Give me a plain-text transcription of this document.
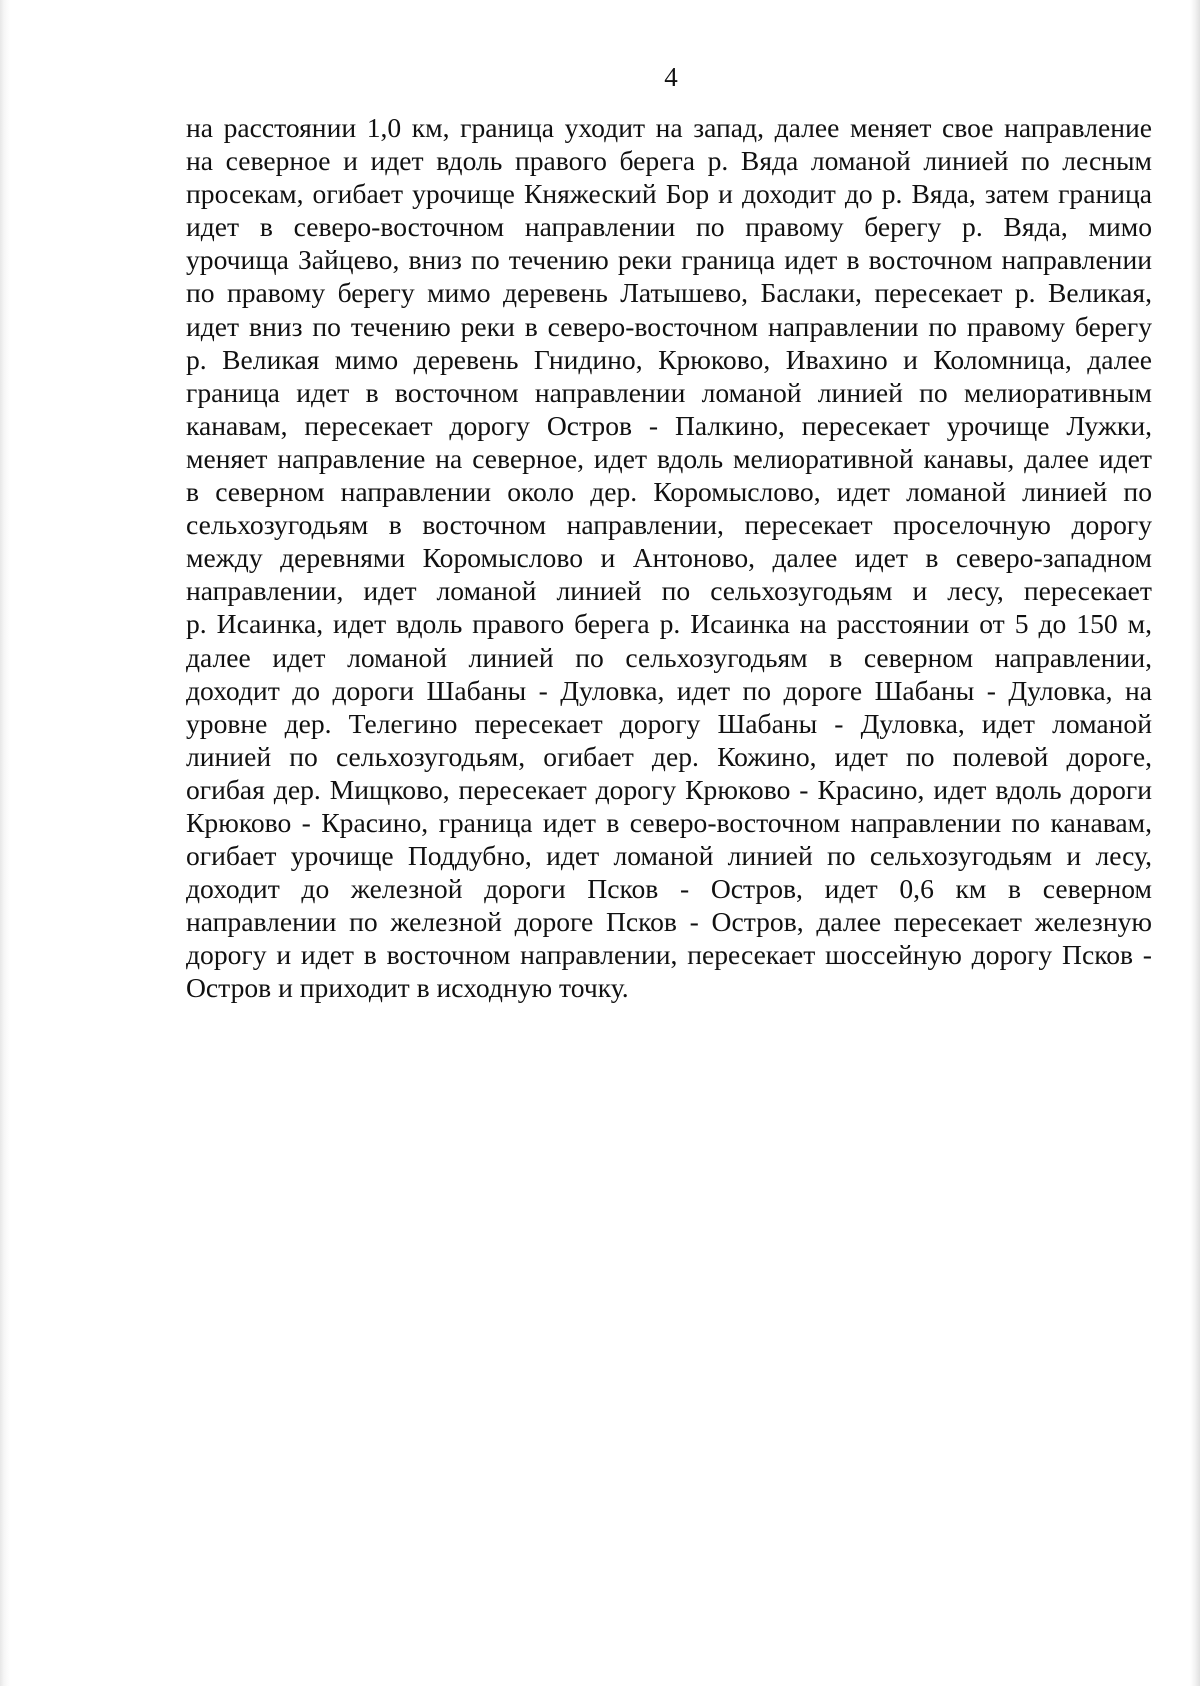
4

на расстоянии 1,0 км, граница уходит на запад, далее меняет свое направление
на северное и идет вдоль правого берега р. Вяда ломаной линией по лесным
просекам, огибает урочище Княжеский Бор и доходит до р. Вяда, затем граница
идет в северо-восточном направлении по правому берегу р. Вяда, мимо
урочища Зайцево, вниз по течению реки граница идет в восточном направлении
по правому берегу мимо деревень Латышево, Баслаки, пересекает р. Великая,
идет вниз по течению реки в северо-восточном направлении по правому берегу
р. Великая мимо деревень Гнидино, Крюково, Ивахино и Коломница, далее
граница идет в восточном направлении ломаной линией по мелиоративным
канавам, пересекает дорогу Остров - Палкино, пересекает урочище Лужки,
меняет направление на северное, идет вдоль мелиоративной канавы, далее идет
в северном направлении около дер. Коромыслово, идет ломаной линией по
сельхозугодьям в восточном направлении, пересекает проселочную дорогу
между деревнями Коромыслово и Антоново, далее идет в северо-западном
направлении, идет ломаной линией по сельхозугодьям и лесу, пересекает
р. Исаинка, идет вдоль правого берега р. Исаинка на расстоянии от 5 до 150 м,
далее идет ломаной линией по сельхозугодьям в северном направлении,
доходит до дороги Шабаны - Дуловка, идет по дороге Шабаны - Дуловка, на
уровне дер. Телегино пересекает дорогу Шабаны - Дуловка, идет ломаной
линией по сельхозугодьям, огибает дер. Кожино, идет по полевой дороге,
огибая дер. Мищково, пересекает дорогу Крюково - Красино, идет вдоль дороги
Крюково - Красино, граница идет в северо-восточном направлении по канавам,
огибает урочище Поддубно, идет ломаной линией по сельхозугодьям и лесу,
доходит до железной дороги Псков - Остров, идет 0,6 км в северном
направлении по железной дороге Псков - Остров, далее пересекает железную
дорогу и идет в восточном направлении, пересекает шоссейную дорогу Псков -
Остров и приходит в исходную точку.
